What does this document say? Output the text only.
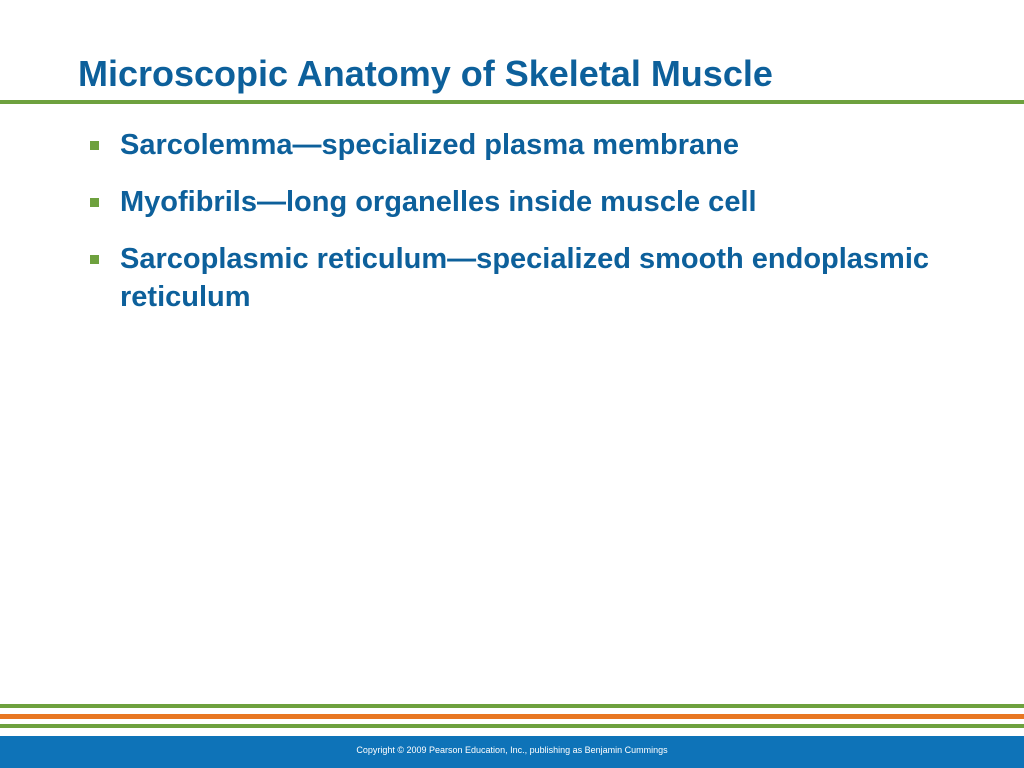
Microscopic Anatomy of Skeletal Muscle
Sarcolemma—specialized plasma membrane
Myofibrils—long organelles inside muscle cell
Sarcoplasmic reticulum—specialized smooth endoplasmic reticulum
Copyright © 2009 Pearson Education, Inc., publishing as Benjamin Cummings
